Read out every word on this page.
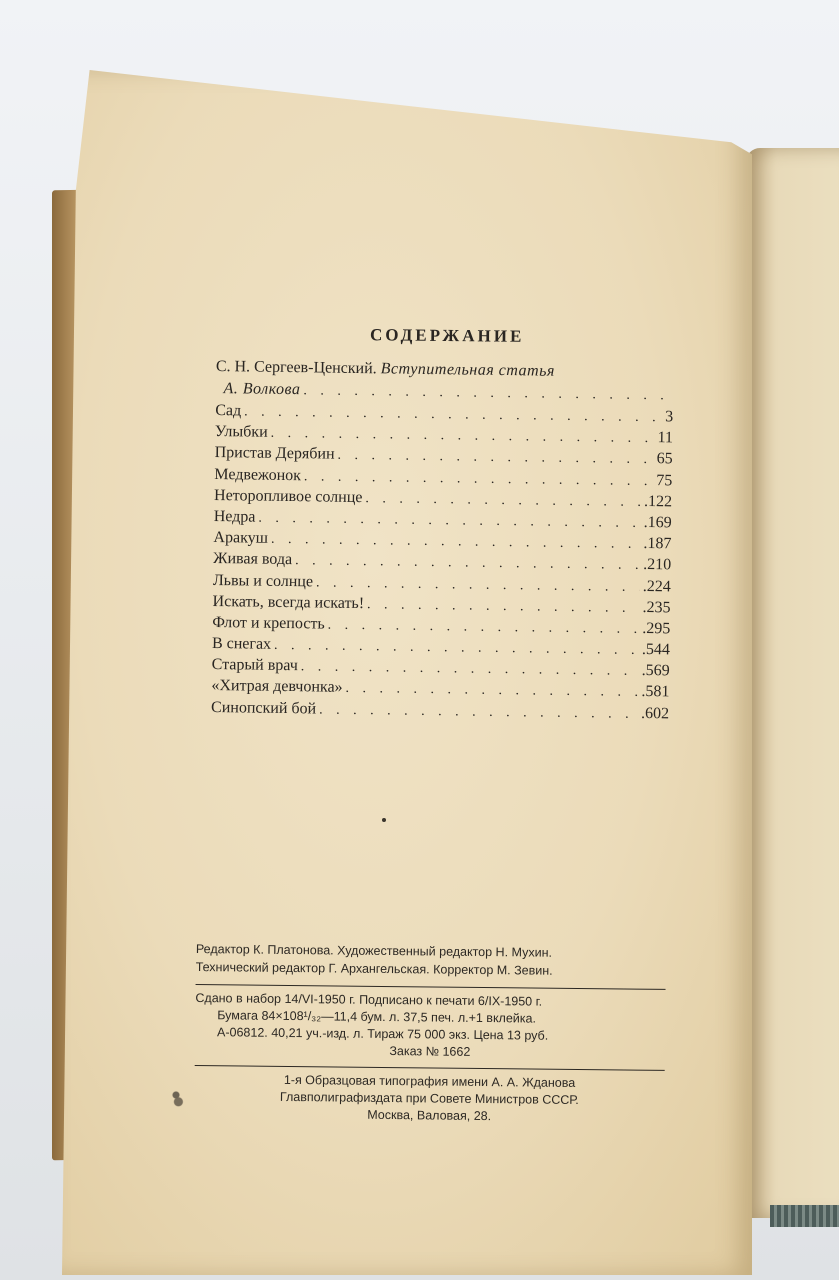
СОДЕРЖАНИЕ
С. Н. Сергеев-Ценский. Вступительная статья
А. Волкова
. . .
Сад . . .	3
Улыбки . . .	11
Пристав Дерябин . . .	65
Медвежонок . . .	75
Неторопливое солнце . . .	.122
Недра . . .	.169
Аракуш . . .	.187
Живая вода . . .	.210
Львы и солнце . . .	.224
Искать, всегда искать! . . .	.235
Флот и крепость . . .	.295
В снегах . . .	.544
Старый врач . . .	.569
«Хитрая девчонка» . . .	.581
Синопский бой . . .	.602
Редактор К. Платонова. Художественный редактор Н. Мухин.
Технический редактор Г. Архангельская. Корректор М. Зевин.
Сдано в набор 14/VI-1950 г. Подписано к печати 6/IX-1950 г.
Бумага 84×108¹/₃₂—11,4 бум. л. 37,5 печ. л.+1 вклейка.
А-06812. 40,21 уч.-изд. л. Тираж 75 000 экз. Цена 13 руб.
Заказ № 1662
1-я Образцовая типография имени А. А. Жданова
Главполиграфиздата при Совете Министров СССР.
Москва, Валовая, 28.
